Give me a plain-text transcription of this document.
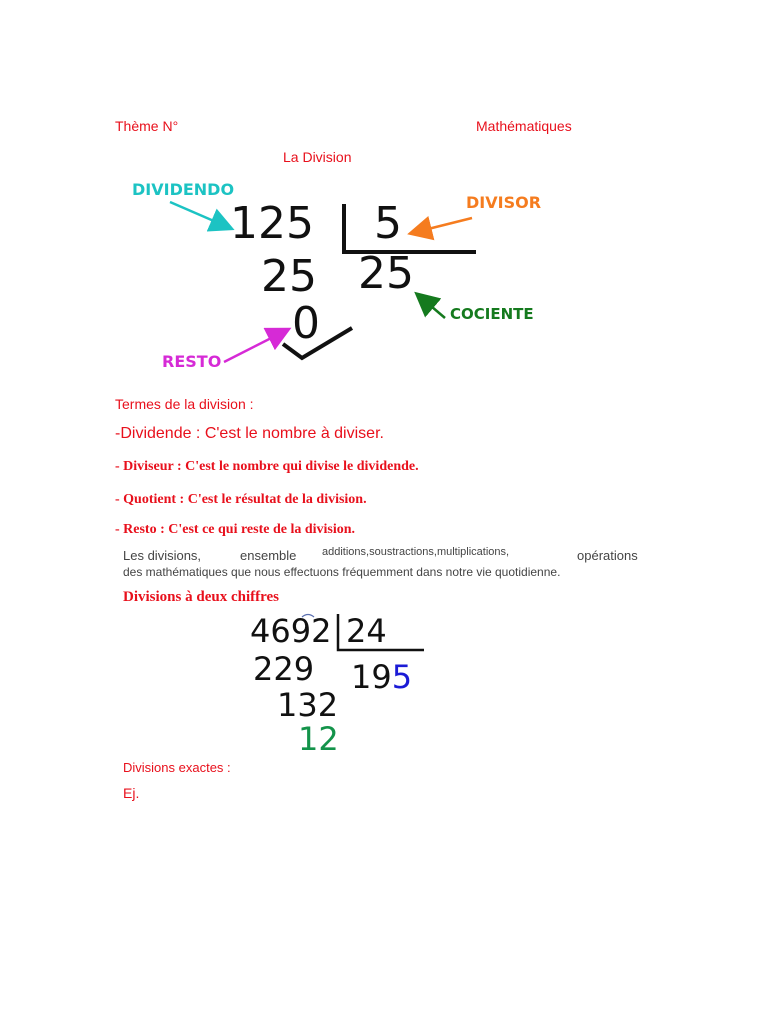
Thème N°	Mathématiques
La Division
DIVIDENDO
DIVISOR
COCIENTE
RESTO
125 5
25 25
0
Termes de la division :
-Dividende : C'est le nombre à diviser.
- Diviseur : C'est le nombre qui divise le dividende.
- Quotient : C'est le résultat de la division.
- Resto : C'est ce qui reste de la division.
Les divisions,	ensemble additions,soustractions,multiplications,	opérations
des mathématiques que nous effectuons fréquemment dans notre vie quotidienne.
Divisions à deux chiffres
4692 24
229 195
132
12
Divisions exactes :
Ej.
